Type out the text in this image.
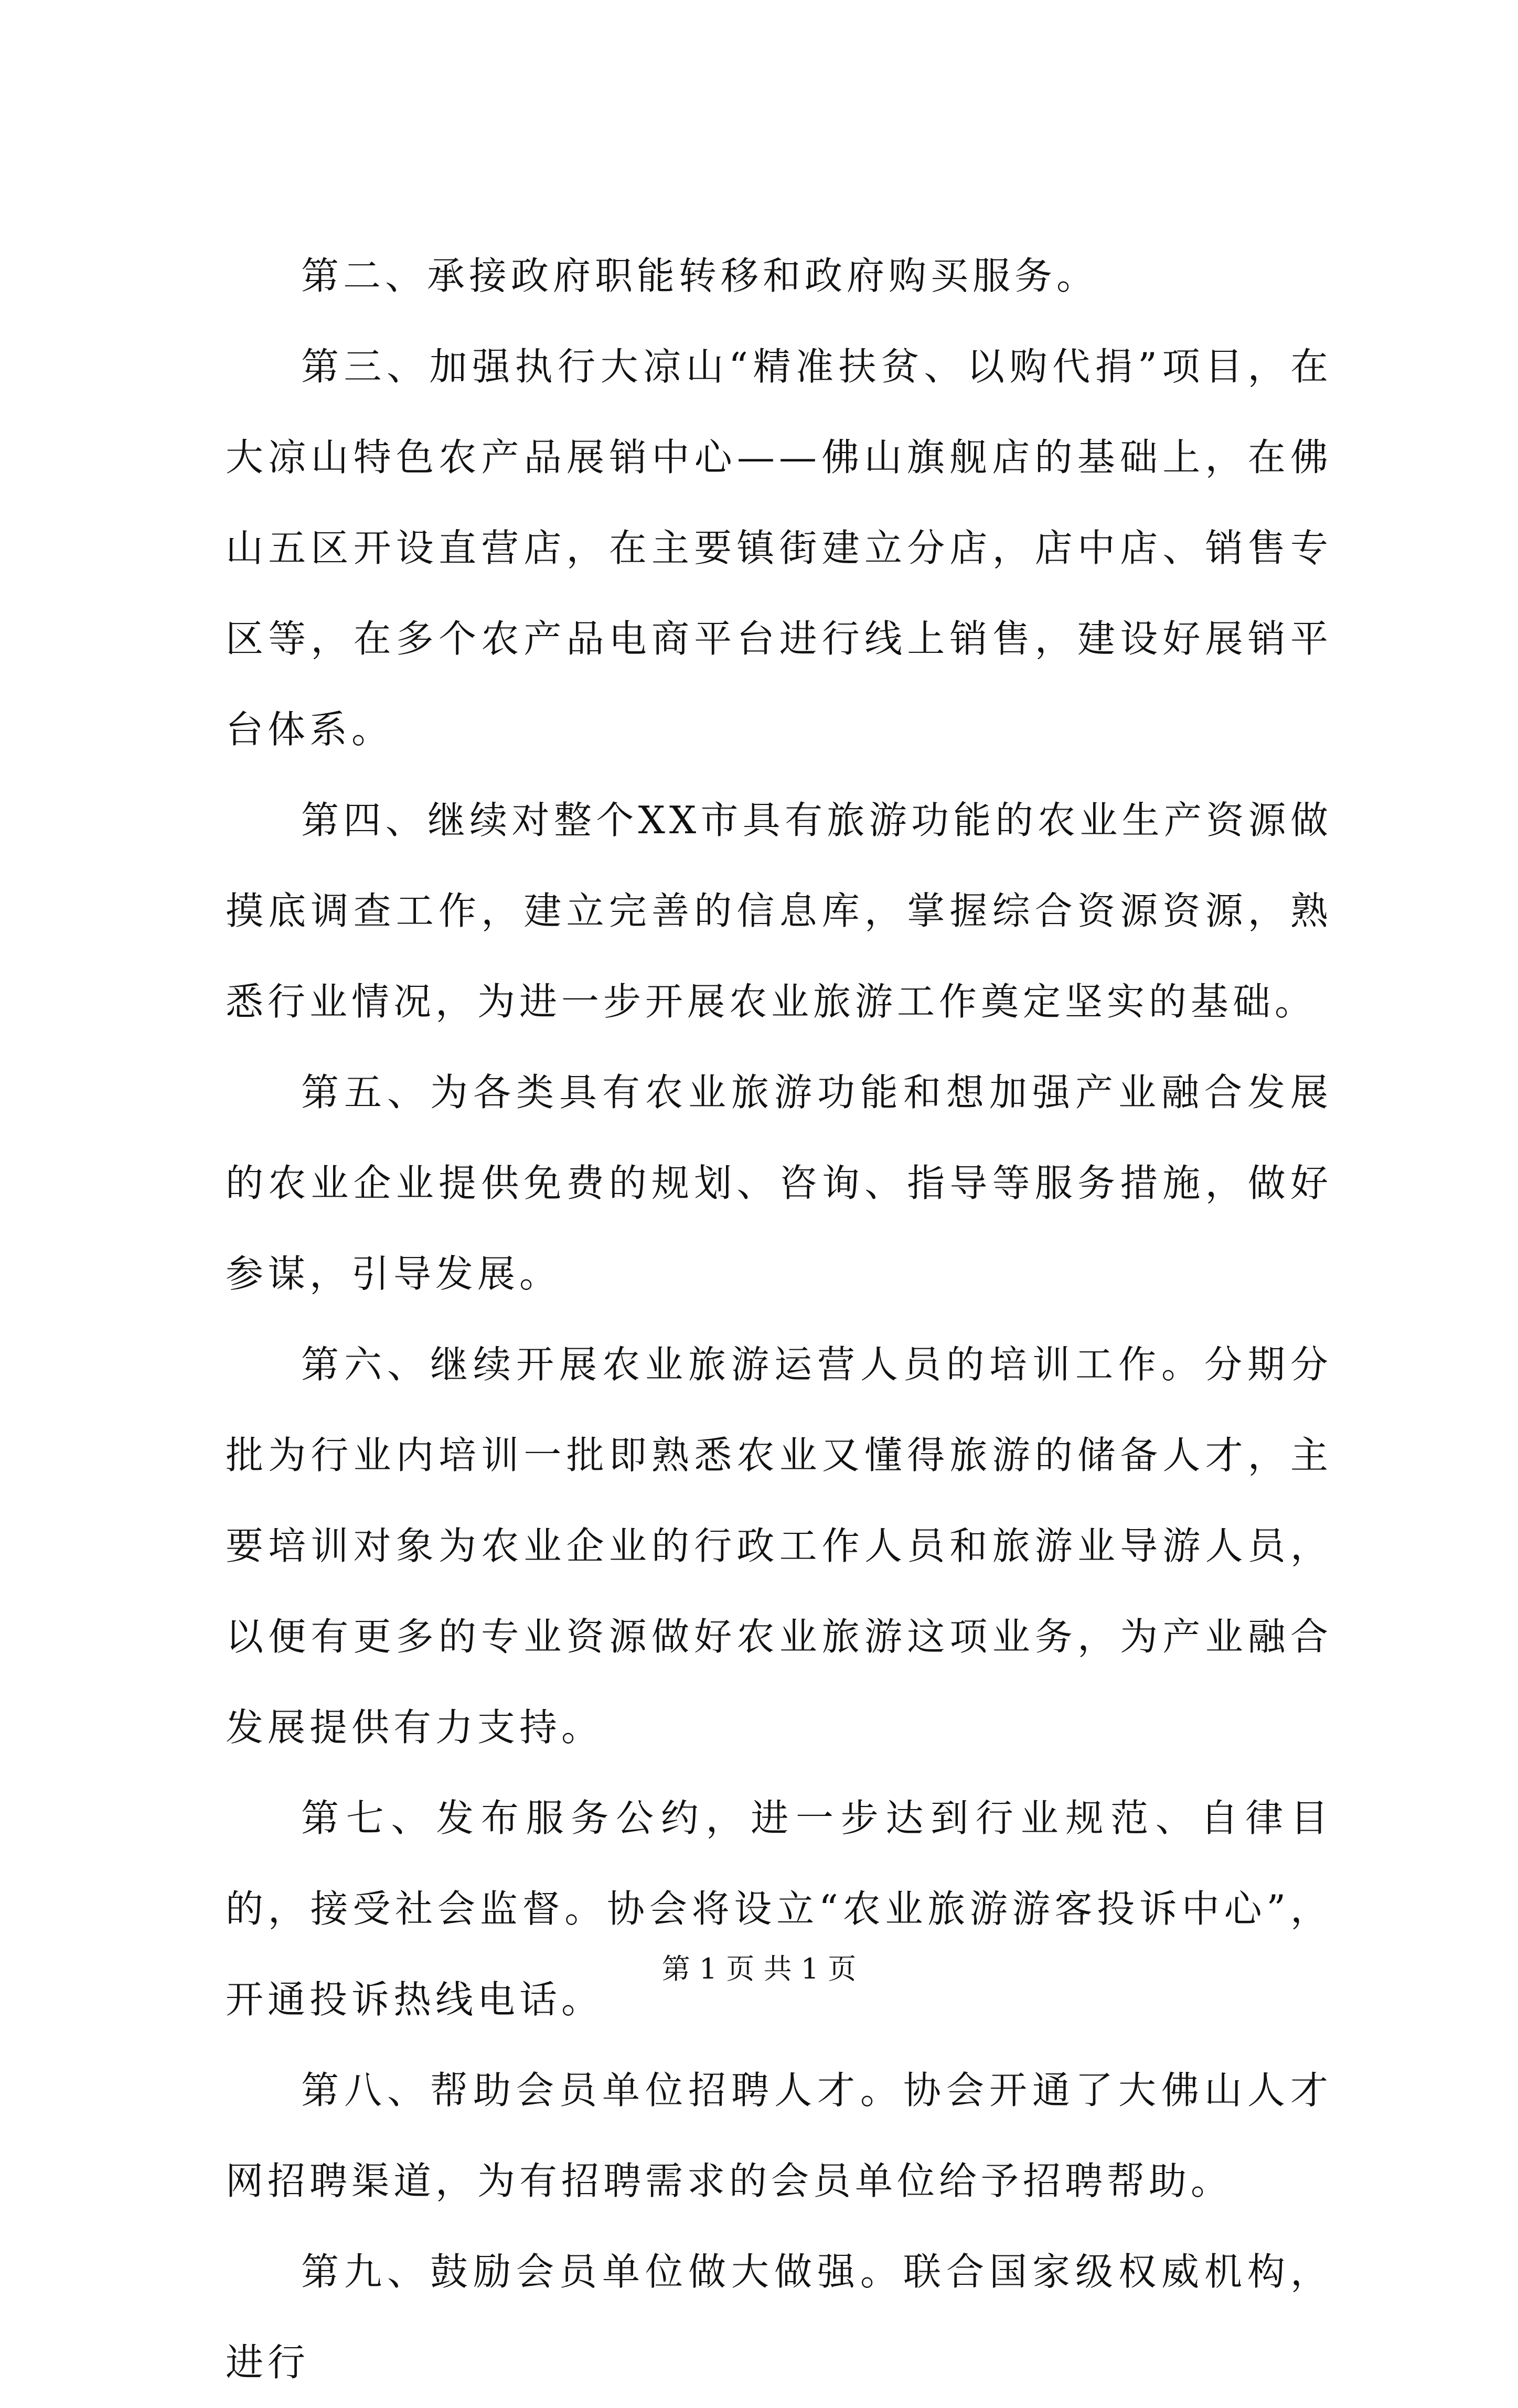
第二、承接政府职能转移和政府购买服务。

第三、加强执行大凉山“精准扶贫、以购代捐”项目，在大凉山特色农产品展销中心——佛山旗舰店的基础上，在佛山五区开设直营店，在主要镇街建立分店，店中店、销售专区等，在多个农产品电商平台进行线上销售，建设好展销平台体系。

第四、继续对整个XX市具有旅游功能的农业生产资源做摸底调查工作，建立完善的信息库，掌握综合资源资源，熟悉行业情况，为进一步开展农业旅游工作奠定坚实的基础。

第五、为各类具有农业旅游功能和想加强产业融合发展的农业企业提供免费的规划、咨询、指导等服务措施，做好参谋，引导发展。

第六、继续开展农业旅游运营人员的培训工作。分期分批为行业内培训一批即熟悉农业又懂得旅游的储备人才，主要培训对象为农业企业的行政工作人员和旅游业导游人员，以便有更多的专业资源做好农业旅游这项业务，为产业融合发展提供有力支持。

第七、发布服务公约，进一步达到行业规范、自律目的，接受社会监督。协会将设立“农业旅游游客投诉中心”，开通投诉热线电话。

第八、帮助会员单位招聘人才。协会开通了大佛山人才网招聘渠道，为有招聘需求的会员单位给予招聘帮助。

第九、鼓励会员单位做大做强。联合国家级权威机构，进行

第 1 页 共 1 页
